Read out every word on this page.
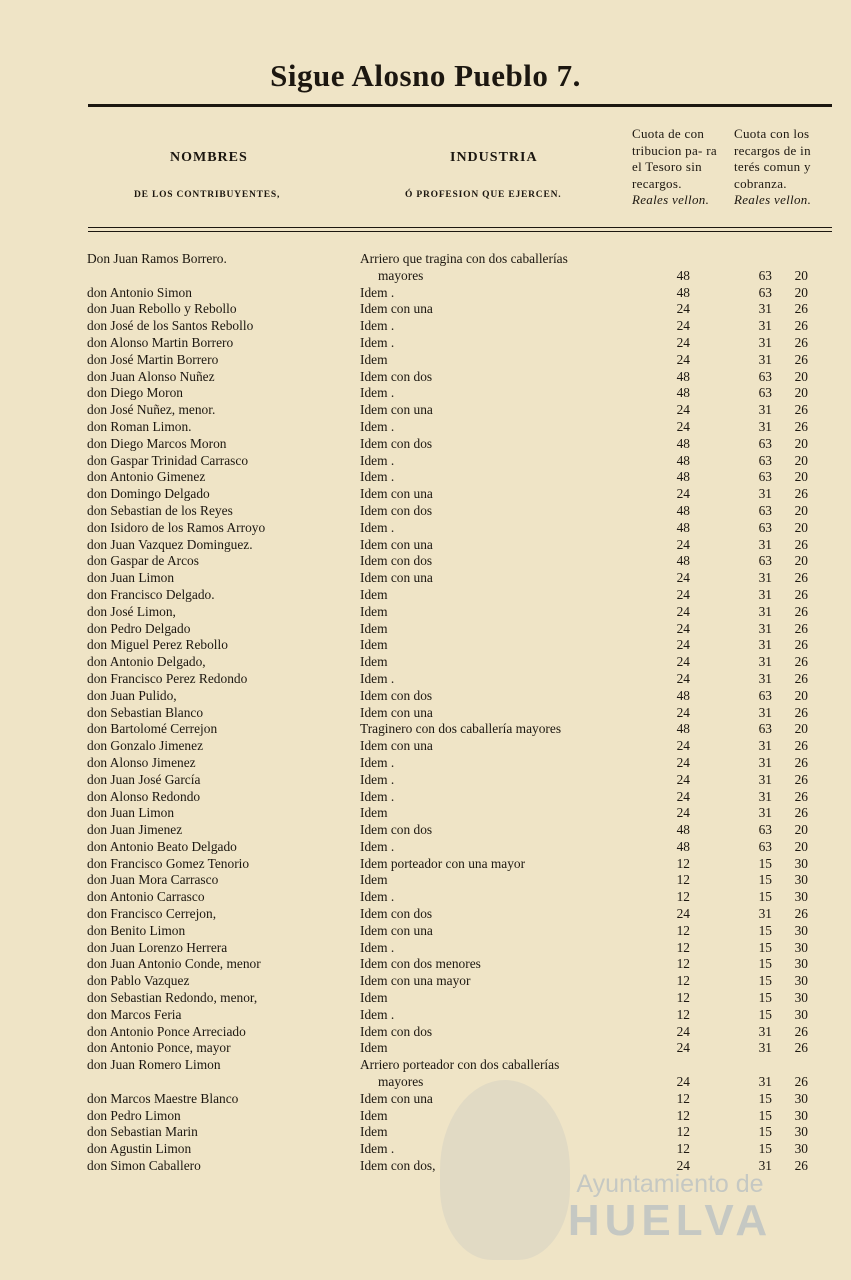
Sigue Alosno Pueblo 7.
NOMBRES
DE LOS CONTRIBUYENTES,
INDUSTRIA
Ó PROFESION QUE EJERCEN.
Cuota de con tribucion pa- ra el Tesoro sin recargos.
Reales vellon.
Cuota con los recargos de in terés comun y cobranza.
Reales vellon.
Don Juan Ramos Borrero.	Arriero que tragina con dos caballerías
mayores	48	63	20
don Antonio Simon	Idem .	48	63	20
don Juan Rebollo y Rebollo	Idem con una	24	31	26
don José de los Santos Rebollo	Idem .	24	31	26
don Alonso Martin Borrero	Idem .	24	31	26
don José Martin Borrero	Idem	24	31	26
don Juan Alonso Nuñez	Idem con dos	48	63	20
don Diego Moron	Idem .	48	63	20
don José Nuñez, menor.	Idem con una	24	31	26
don Roman Limon.	Idem .	24	31	26
don Diego Marcos Moron	Idem con dos	48	63	20
don Gaspar Trinidad Carrasco	Idem .	48	63	20
don Antonio Gimenez	Idem .	48	63	20
don Domingo Delgado	Idem con una	24	31	26
don Sebastian de los Reyes	Idem con dos	48	63	20
don Isidoro de los Ramos Arroyo	Idem .	48	63	20
don Juan Vazquez Dominguez.	Idem con una	24	31	26
don Gaspar de Arcos	Idem con dos	48	63	20
don Juan Limon	Idem con una	24	31	26
don Francisco Delgado.	Idem	24	31	26
don José Limon,	Idem	24	31	26
don Pedro Delgado	Idem	24	31	26
don Miguel Perez Rebollo	Idem	24	31	26
don Antonio Delgado,	Idem	24	31	26
don Francisco Perez Redondo	Idem .	24	31	26
don Juan Pulido,	Idem con dos	48	63	20
don Sebastian Blanco	Idem con una	24	31	26
don Bartolomé Cerrejon	Traginero con dos caballería mayores	48	63	20
don Gonzalo Jimenez	Idem con una	24	31	26
don Alonso Jimenez	Idem .	24	31	26
don Juan José García	Idem .	24	31	26
don Alonso Redondo	Idem .	24	31	26
don Juan Limon	Idem	24	31	26
don Juan Jimenez	Idem con dos	48	63	20
don Antonio Beato Delgado	Idem .	48	63	20
don Francisco Gomez Tenorio	Idem porteador con una mayor	12	15	30
don Juan Mora Carrasco	Idem	12	15	30
don Antonio Carrasco	Idem .	12	15	30
don Francisco Cerrejon,	Idem con dos	24	31	26
don Benito Limon	Idem con una	12	15	30
don Juan Lorenzo Herrera	Idem .	12	15	30
don Juan Antonio Conde, menor	Idem con dos menores	12	15	30
don Pablo Vazquez	Idem con una mayor	12	15	30
don Sebastian Redondo, menor,	Idem	12	15	30
don Marcos Feria	Idem .	12	15	30
don Antonio Ponce Arreciado	Idem con dos	24	31	26
don Antonio Ponce, mayor	Idem	24	31	26
don Juan Romero Limon	Arriero porteador con dos caballerías
mayores	24	31	26
don Marcos Maestre Blanco	Idem con una	12	15	30
don Pedro Limon	Idem	12	15	30
don Sebastian Marin	Idem	12	15	30
don Agustin Limon	Idem .	12	15	30
don Simon Caballero	Idem con dos,	24	31	26
Ayuntamiento de
HUELVA
